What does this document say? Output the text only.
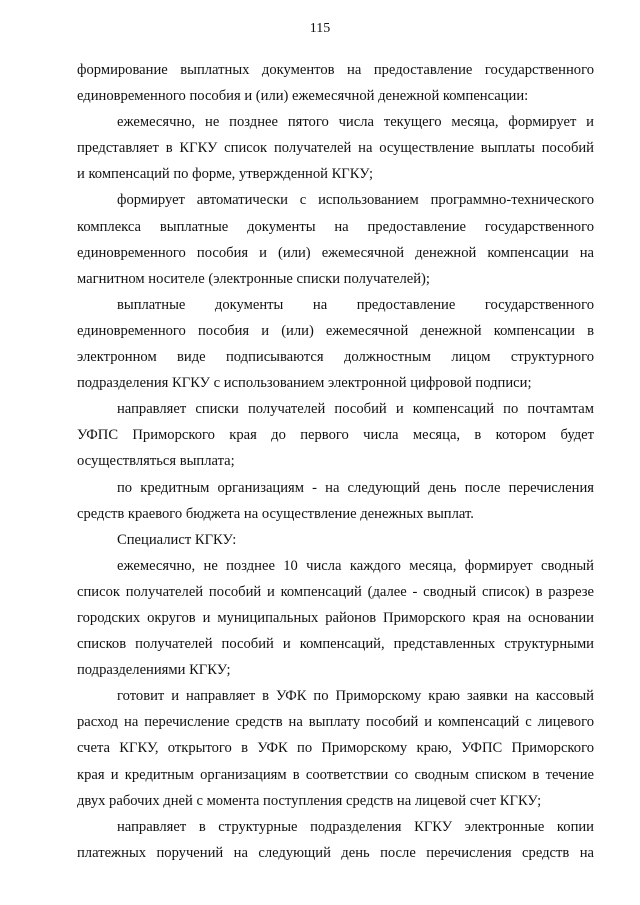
115
формирование выплатных документов на предоставление государственного
единовременного пособия и (или) ежемесячной денежной компенсации:
ежемесячно, не позднее пятого числа текущего месяца, формирует и
представляет в КГКУ список получателей на осуществление выплаты пособий
и компенсаций по форме, утвержденной КГКУ;
формирует автоматически с использованием программно-технического
комплекса выплатные документы на предоставление государственного
единовременного пособия и (или) ежемесячной денежной компенсации на
магнитном носителе (электронные списки получателей);
выплатные документы на предоставление государственного
единовременного пособия и (или) ежемесячной денежной компенсации в
электронном виде подписываются должностным лицом структурного
подразделения КГКУ с использованием электронной цифровой подписи;
направляет списки получателей пособий и компенсаций по почтамтам
УФПС Приморского края до первого числа месяца, в котором будет
осуществляться выплата;
по кредитным организациям - на следующий день после перечисления
средств краевого бюджета на осуществление денежных выплат.
Специалист КГКУ:
ежемесячно, не позднее 10 числа каждого месяца, формирует сводный
список получателей пособий и компенсаций (далее - сводный список) в разрезе
городских округов и муниципальных районов Приморского края на основании
списков получателей пособий и компенсаций, представленных структурными
подразделениями КГКУ;
готовит и направляет в УФК по Приморскому краю заявки на кассовый
расход на перечисление средств на выплату пособий и компенсаций с лицевого
счета КГКУ, открытого в УФК по Приморскому краю, УФПС Приморского
края и кредитным организациям в соответствии со сводным списком в течение
двух рабочих дней с момента поступления средств на лицевой счет КГКУ;
направляет в структурные подразделения КГКУ электронные копии
платежных поручений на следующий день после перечисления средств на
